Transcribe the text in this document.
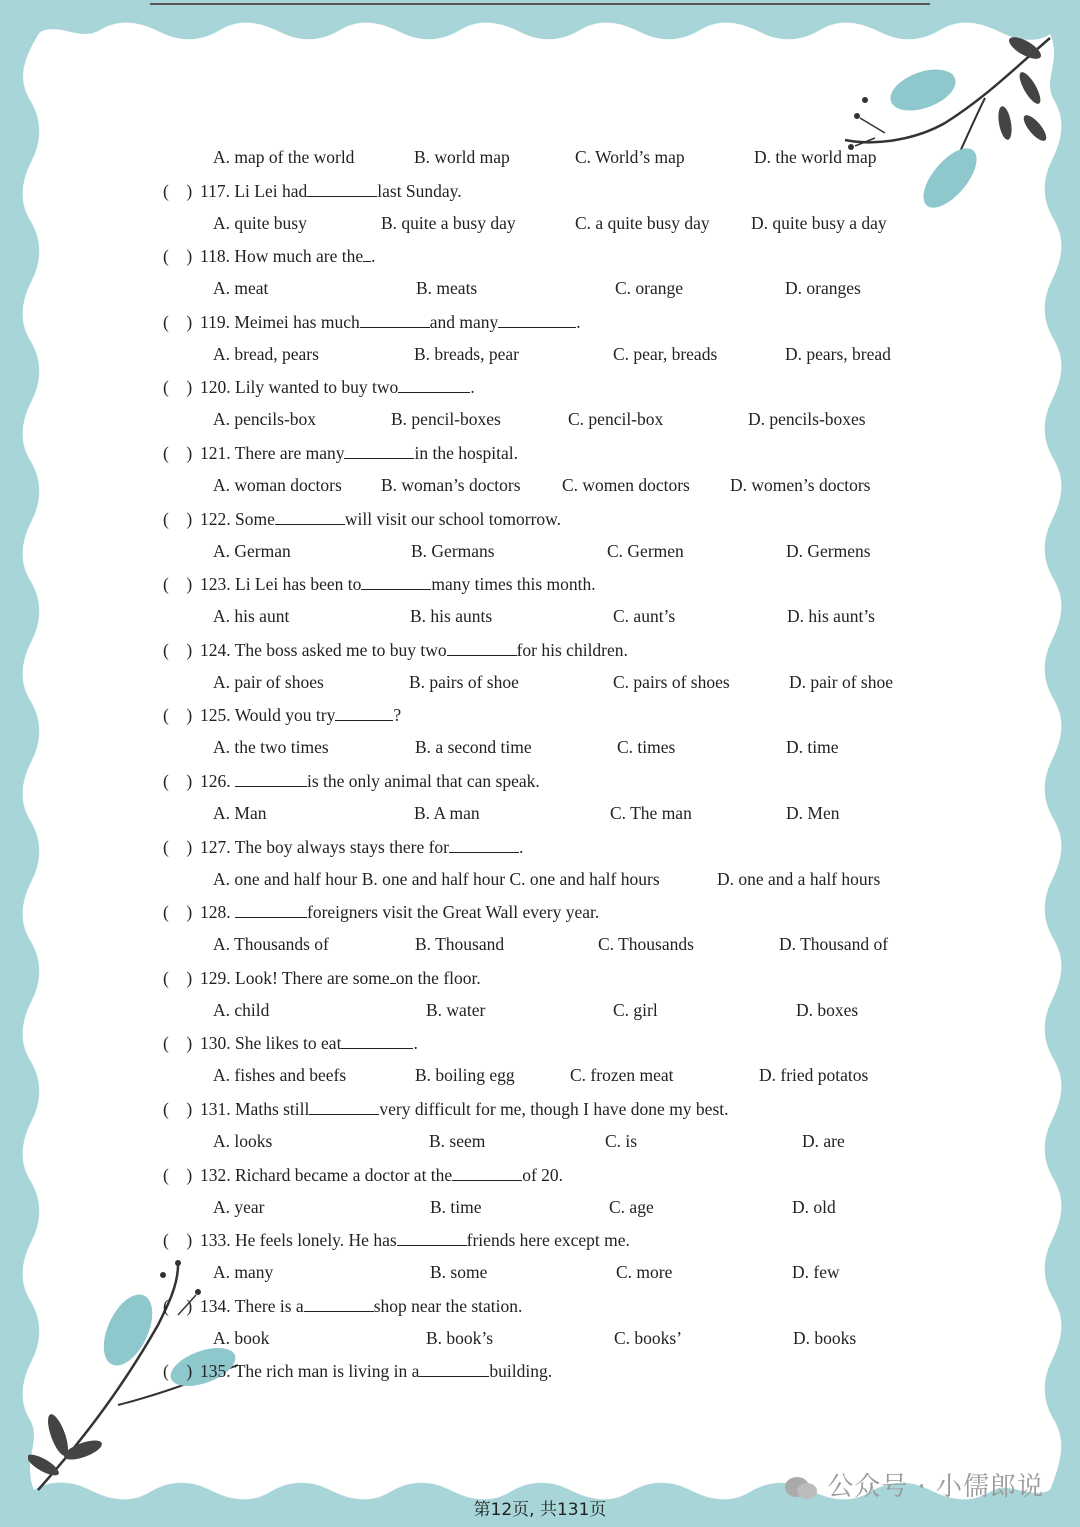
A. map of the world	B. world map	C. World’s map	D. the world map
(    ) 117. Li Lei had	last Sunday.
A. quite busy	B. quite a busy day	C. a quite busy day D. quite busy a day
(    ) 118. How much are the .
A. meat	B. meats	C. orange	D. oranges
(    ) 119. Meimei has much	and many	.
A. bread, pears	B. breads, pear	C. pear, breads	D. pears, bread
(    ) 120. Lily wanted to buy two	.
A. pencils-box	B. pencil-boxes	C. pencil-box	D. pencils-boxes
(    ) 121. There are many	in the hospital.
A. woman doctors B. woman’s doctors C. women doctors D. women’s doctors
(    ) 122. Some	will visit our school tomorrow.
A. German	B. Germans	C. Germen	D. Germens
(    ) 123. Li Lei has been to	many times this month.
A. his aunt	B. his aunts	C. aunt’s	D. his aunt’s
(    ) 124. The boss asked me to buy two	for his children.
A. pair of shoes	B. pairs of shoe	C. pairs of shoes	D. pair of shoe
(    ) 125. Would you try	?
A. the two times	B. a second time	C. times	D. time
(    ) 126.	is the only animal that can speak.
A. Man	B. A man	C. The man	D. Men
(    ) 127. The boy always stays there for	.
A. one and half hour B. one and half hour C. one and half hours	D. one and a half hours
(    ) 128.	foreigners visit the Great Wall every year.
A. Thousands of	B. Thousand	C. Thousands	D. Thousand of
(    ) 129. Look! There are some on the floor.
A. child	B. water	C. girl	D. boxes
(    ) 130. She likes to eat	.
A. fishes and beefs	B. boiling egg	C. frozen meat	D. fried potatos
(    ) 131. Maths still	very difficult for me, though I have done my best.
A. looks	B. seem	C. is	D. are
(    ) 132. Richard became a doctor at the	of 20.
A. year	B. time	C. age	D. old
(    ) 133. He feels lonely. He has	friends here except me.
A. many	B. some	C. more	D. few
(    ) 134. There is a	shop near the station.
A. book	B. book’s	C. books’	D. books
(    ) 135. The rich man is living in a	building.
第12页, 共131页
公众号 · 小儒郎说
